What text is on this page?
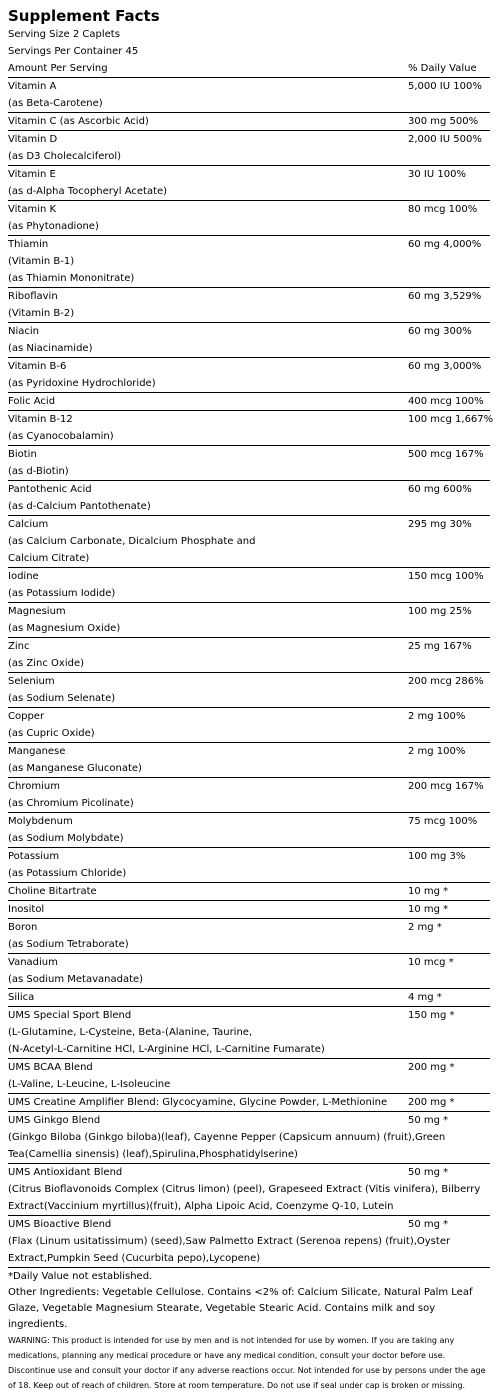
Supplement Facts
Serving Size 2 Caplets
Servings Per Container 45
Amount Per Serving	% Daily Value
Vitamin A	5,000 IU 100%
(as Beta-Carotene)
Vitamin C (as Ascorbic Acid)	300 mg 500%
Vitamin D	2,000 IU 500%
(as D3 Cholecalciferol)
Vitamin E	30 IU 100%
(as d-Alpha Tocopheryl Acetate)
Vitamin K	80 mcg 100%
(as Phytonadione)
Thiamin	60 mg 4,000%
(Vitamin B-1)
(as Thiamin Mononitrate)
Riboflavin	60 mg 3,529%
(Vitamin B-2)
Niacin	60 mg 300%
(as Niacinamide)
Vitamin B-6	60 mg 3,000%
(as Pyridoxine Hydrochloride)
Folic Acid	400 mcg 100%
Vitamin B-12	100 mcg 1,667%
(as Cyanocobalamin)
Biotin	500 mcg 167%
(as d-Biotin)
Pantothenic Acid	60 mg 600%
(as d-Calcium Pantothenate)
Calcium	295 mg 30%
(as Calcium Carbonate, Dicalcium Phosphate and
Calcium Citrate)
Iodine	150 mcg 100%
(as Potassium Iodide)
Magnesium	100 mg 25%
(as Magnesium Oxide)
Zinc	25 mg 167%
(as Zinc Oxide)
Selenium	200 mcg 286%
(as Sodium Selenate)
Copper	2 mg 100%
(as Cupric Oxide)
Manganese	2 mg 100%
(as Manganese Gluconate)
Chromium	200 mcg 167%
(as Chromium Picolinate)
Molybdenum	75 mcg 100%
(as Sodium Molybdate)
Potassium	100 mg 3%
(as Potassium Chloride)
Choline Bitartrate	10 mg *
Inositol	10 mg *
Boron	2 mg *
(as Sodium Tetraborate)
Vanadium	10 mcg *
(as Sodium Metavanadate)
Silica	4 mg *
UMS Special Sport Blend	150 mg *
(L-Glutamine, L-Cysteine, Beta-(Alanine, Taurine,
(N-Acetyl-L-Carnitine HCl, L-Arginine HCl, L-Carnitine Fumarate)
UMS BCAA Blend	200 mg *
(L-Valine, L-Leucine, L-Isoleucine
UMS Creatine Amplifier Blend: Glycocyamine, Glycine Powder, L-Methionine	200 mg *
UMS Ginkgo Blend	50 mg *
(Ginkgo Biloba (Ginkgo biloba)(leaf), Cayenne Pepper (Capsicum annuum) (fruit),Green Tea(Camellia sinensis) (leaf),Spirulina,Phosphatidylserine)
UMS Antioxidant Blend	50 mg *
(Citrus Bioflavonoids Complex (Citrus limon) (peel), Grapeseed Extract (Vitis vinifera), Bilberry Extract(Vaccinium myrtillus)(fruit), Alpha Lipoic Acid, Coenzyme Q-10, Lutein
UMS Bioactive Blend	50 mg *
(Flax (Linum usitatissimum) (seed),Saw Palmetto Extract (Serenoa repens) (fruit),Oyster Extract,Pumpkin Seed (Cucurbita pepo),Lycopene)
*Daily Value not established.
Other Ingredients: Vegetable Cellulose. Contains <2% of: Calcium Silicate, Natural Palm Leaf Glaze, Vegetable Magnesium Stearate, Vegetable Stearic Acid. Contains milk and soy ingredients.
WARNING: This product is intended for use by men and is not intended for use by women. If you are taking any medications, planning any medical procedure or have any medical condition, consult your doctor before use. Discontinue use and consult your doctor if any adverse reactions occur. Not intended for use by persons under the age of 18. Keep out of reach of children. Store at room temperature. Do not use if seal under cap is broken or missing.
